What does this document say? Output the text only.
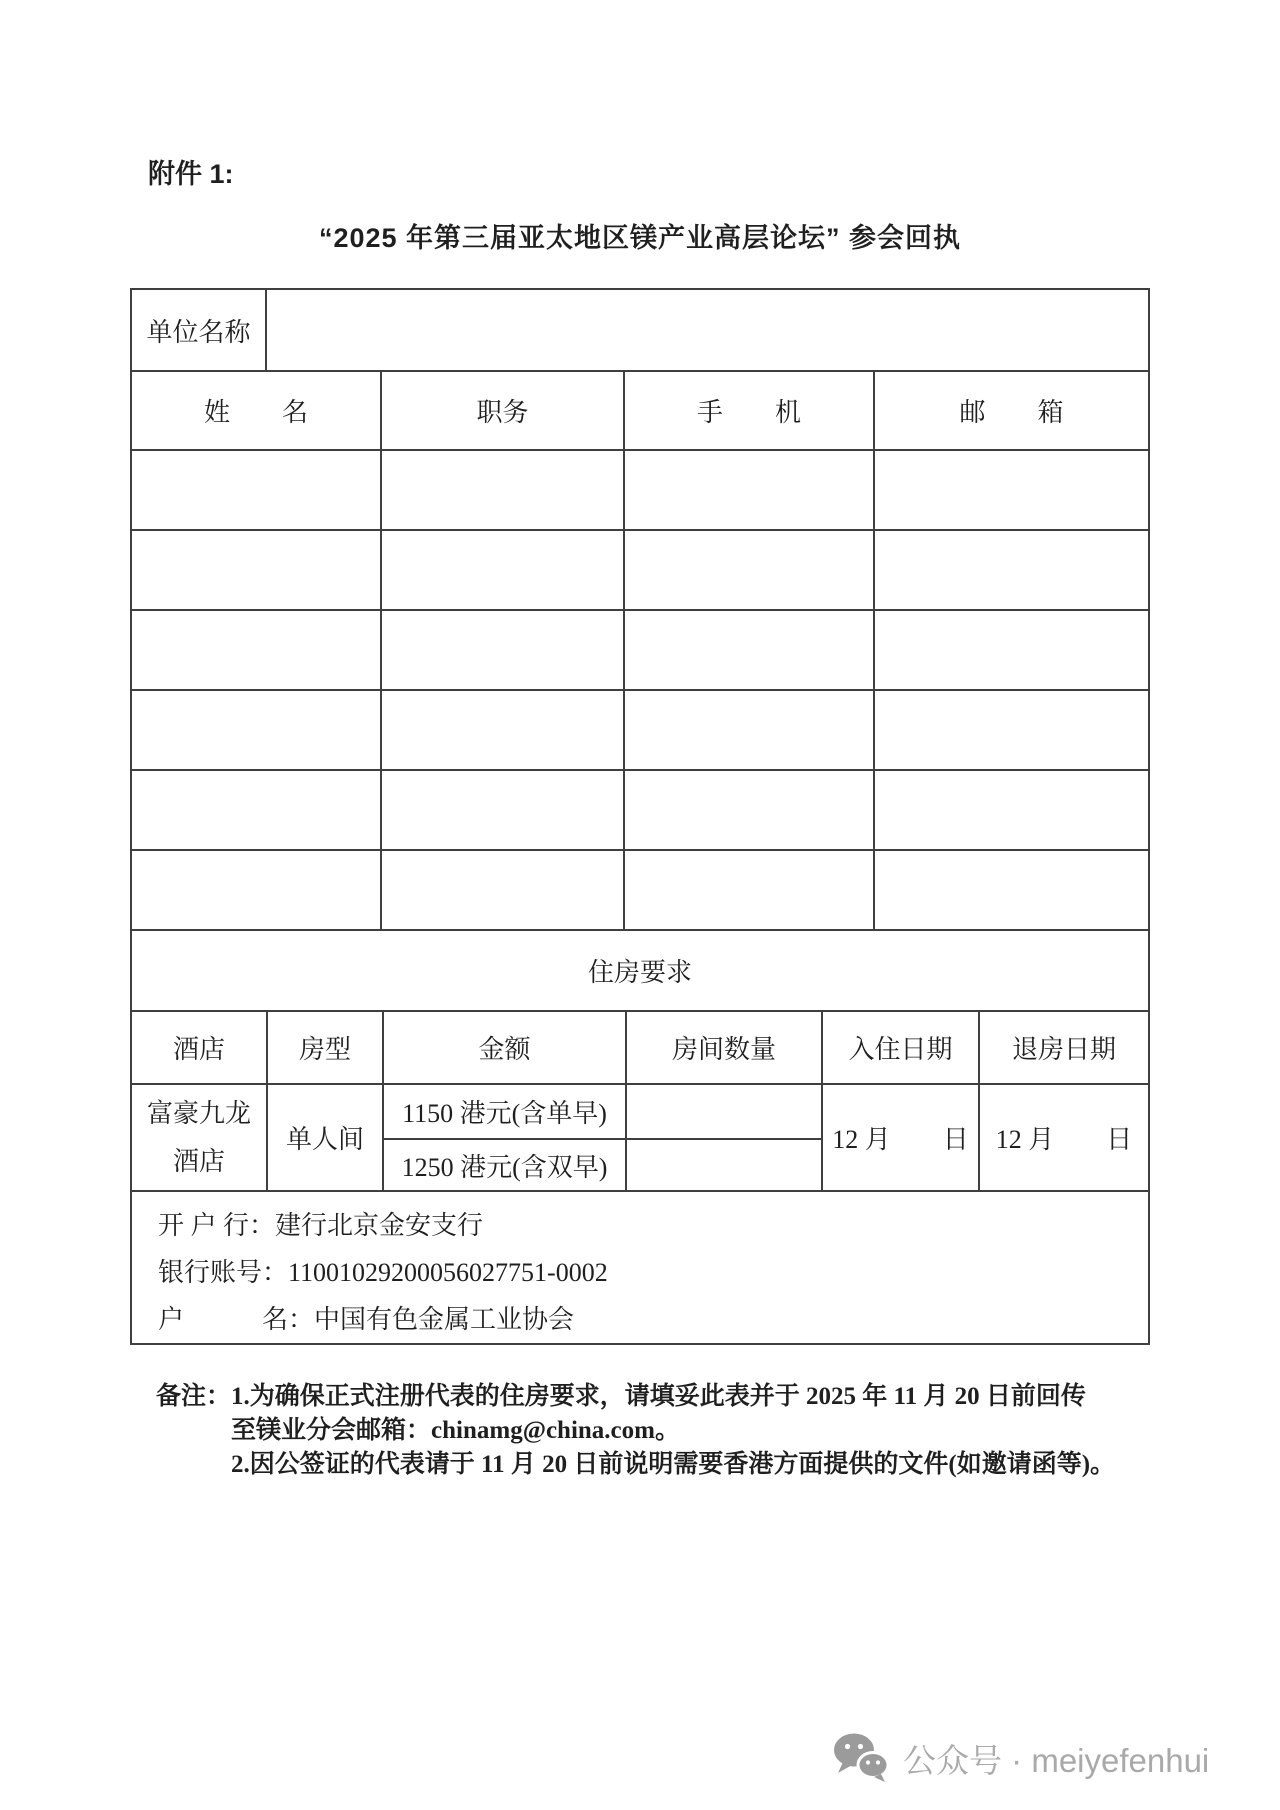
附件 1:
“2025 年第三届亚太地区镁产业高层论坛” 参会回执
单位名称	
姓　　名	职务	手　　机	邮　　箱

住房要求
酒店	房型	金额	房间数量	入住日期	退房日期

富豪九龙
酒店	单人间	1150 港元(含单早)		12 月　　日	12 月　　日
		1250 港元(含双早)			
开 户 行：建行北京金安支行
银行账号：11001029200056027751-0002
户　　　名：中国有色金属工业协会
备注： 1.为确保正式注册代表的住房要求，请填妥此表并于 2025 年 11 月 20 日前回传
至镁业分会邮箱：chinamg@china.com。
2.因公签证的代表请于 11 月 20 日前说明需要香港方面提供的文件(如邀请函等)。
公众号 · meiyefenhui
